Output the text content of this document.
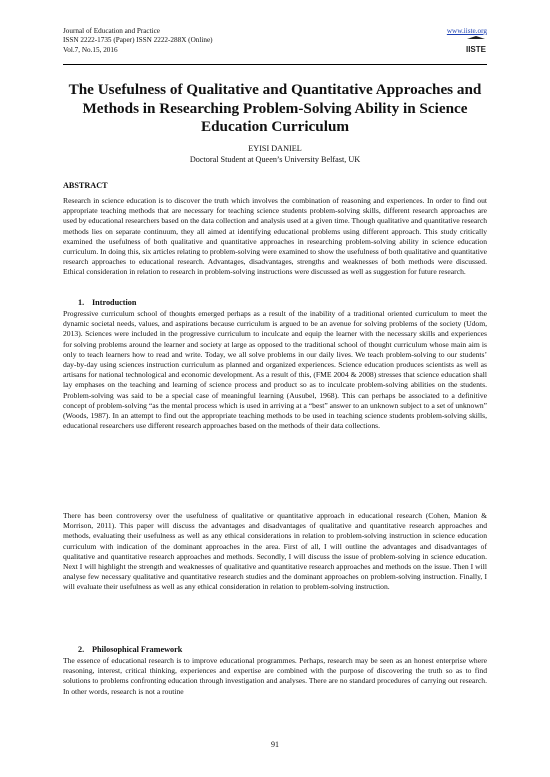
Journal of Education and Practice
ISSN 2222-1735 (Paper) ISSN 2222-288X (Online)
Vol.7, No.15, 2016
www.iiste.org
IISTE
The Usefulness of Qualitative and Quantitative Approaches and Methods in Researching Problem-Solving Ability in Science Education Curriculum
EYISI DANIEL
Doctoral Student at Queen’s University Belfast, UK
ABSTRACT
Research in science education is to discover the truth which involves the combination of reasoning and experiences. In order to find out appropriate teaching methods that are necessary for teaching science students problem-solving skills, different research approaches are used by educational researchers based on the data collection and analysis used at a given time. Though qualitative and quantitative research methods lies on separate continuum, they all aimed at identifying educational problems using different approach. This study critically examined the usefulness of both qualitative and quantitative approaches in researching problem-solving ability in science education curriculum. In doing this, six articles relating to problem-solving were examined to show the usefulness of both qualitative and quantitative research approaches to educational research. Advantages, disadvantages, strengths and weaknesses of both methods were discussed. Ethical consideration in relation to research in problem-solving instructions were discussed as well as suggestion for future research.
1. Introduction
Progressive curriculum school of thoughts emerged perhaps as a result of the inability of a traditional oriented curriculum to meet the dynamic societal needs, values, and aspirations because curriculum is argued to be an avenue for solving problems of the society (Udom, 2013). Sciences were included in the progressive curriculum to inculcate and equip the learner with the necessary skills and experiences for solving problems around the learner and society at large as opposed to the traditional school of thought curriculum whose main aim is only to teach learners how to read and write. Today, we all solve problems in our daily lives. We teach problem-solving to our students’ day-by-day using sciences instruction curriculum as planned and organized experiences. Science education produces scientists as well as artisans for national technological and economic development. As a result of this, (FME 2004 & 2008) stresses that science education shall lay emphases on the teaching and learning of science process and product so as to inculcate problem-solving abilities on the students. Problem-solving was said to be a special case of meaningful learning (Ausubel, 1968). This can perhaps be associated to a definitive concept of problem-solving “as the mental process which is used in arriving at a “best” answer to an unknown subject to a set of unknown” (Woods, 1987). In an attempt to find out the appropriate teaching methods to be used in teaching science students problem-solving skills, educational researchers use different research approaches based on the methods of their data collections.
There has been controversy over the usefulness of qualitative or quantitative approach in educational research (Cohen, Manion & Morrison, 2011). This paper will discuss the advantages and disadvantages of qualitative and quantitative research approaches and methods, evaluating their usefulness as well as any ethical considerations in relation to problem-solving instruction in science education curriculum with indication of the dominant approaches in the area. First of all, I will outline the advantages and disadvantages of qualitative and quantitative research approaches and methods. Secondly, I will discuss the issue of problem-solving in science education. Next I will highlight the strength and weaknesses of qualitative and quantitative research approaches and methods on the issue. Then I will analyse few necessary qualitative and quantitative research studies and the dominant approaches on problem-solving instruction. Finally, I will evaluate their usefulness as well as any ethical consideration in relation to problem-solving instruction.
2. Philosophical Framework
The essence of educational research is to improve educational programmes. Perhaps, research may be seen as an honest enterprise where reasoning, interest, critical thinking, experiences and expertise are combined with the purpose of discovering the truth so as to find solutions to problems confronting education through investigation and analyses. There are no standard procedures of carrying out research. In other words, research is not a routine
91
